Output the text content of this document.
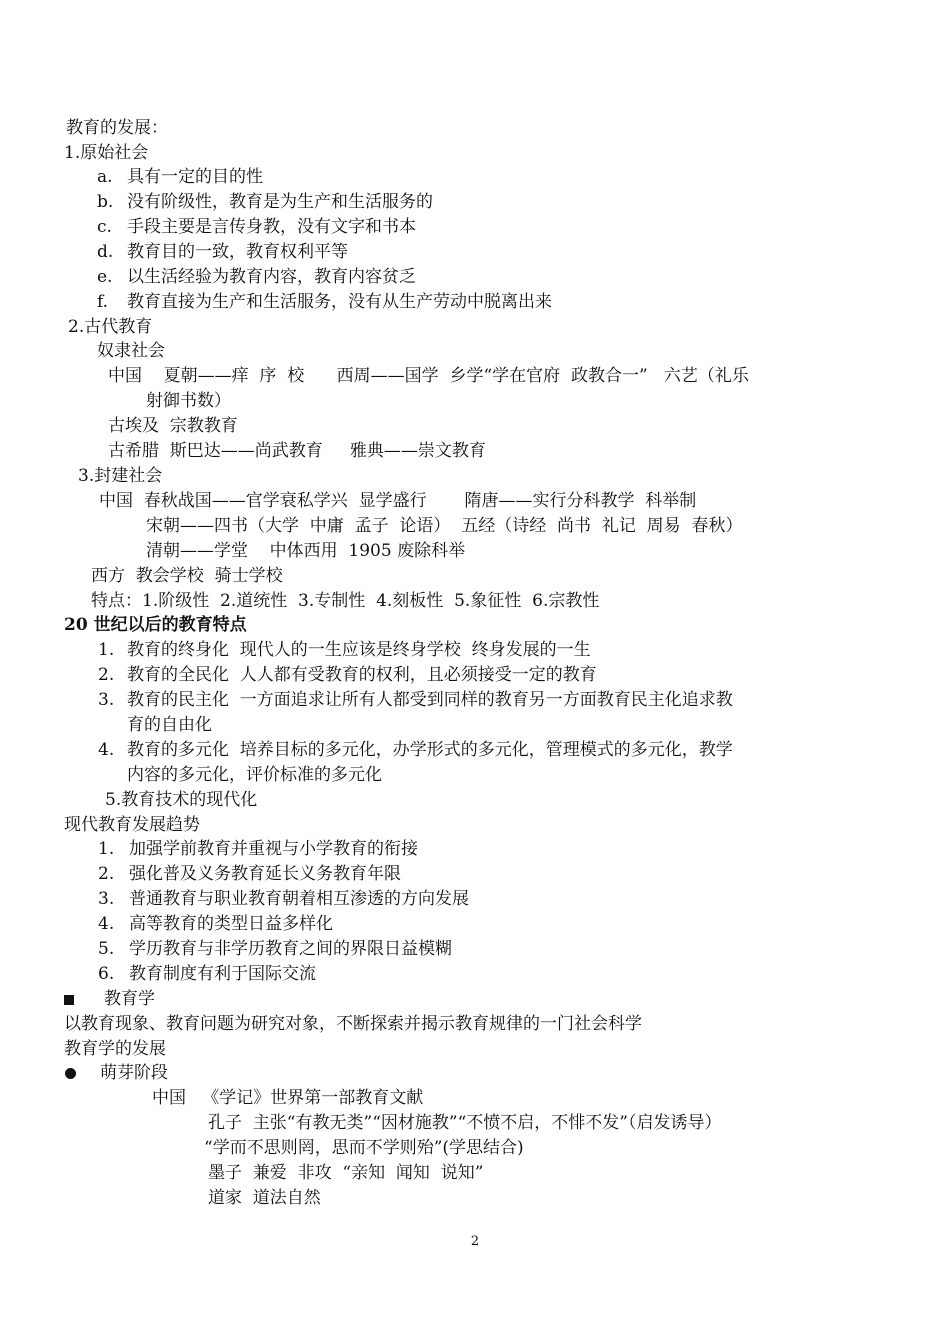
教育的发展：
1.原始社会
a. 具有一定的目的性
b. 没有阶级性，教育是为生产和生活服务的
c. 手段主要是言传身教，没有文字和书本
d. 教育目的一致，教育权利平等
e. 以生活经验为教育内容，教育内容贫乏
f. 教育直接为生产和生活服务，没有从生产劳动中脱离出来
2.古代教育
奴隶社会
中国    夏朝——痒  序  校      西周——国学  乡学“学在官府  政教合一”   六艺（礼乐
射御书数）
古埃及  宗教教育
古希腊  斯巴达——尚武教育     雅典——崇文教育
3.封建社会
中国  春秋战国——官学衰私学兴  显学盛行       隋唐——实行分科教学  科举制
宋朝——四书（大学  中庸  孟子  论语）  五经（诗经  尚书  礼记  周易  春秋）
清朝——学堂    中体西用  1905 废除科举
西方  教会学校  骑士学校
特点：1.阶级性  2.道统性  3.专制性  4.刻板性  5.象征性  6.宗教性
20 世纪以后的教育特点
1. 教育的终身化  现代人的一生应该是终身学校  终身发展的一生
2. 教育的全民化  人人都有受教育的权利，且必须接受一定的教育
3. 教育的民主化  一方面追求让所有人都受到同样的教育另一方面教育民主化追求教
育的自由化
4. 教育的多元化  培养目标的多元化，办学形式的多元化，管理模式的多元化，教学
内容的多元化，评价标准的多元化
5.教育技术的现代化
现代教育发展趋势
1. 加强学前教育并重视与小学教育的衔接
2. 强化普及义务教育延长义务教育年限
3. 普通教育与职业教育朝着相互渗透的方向发展
4. 高等教育的类型日益多样化
5. 学历教育与非学历教育之间的界限日益模糊
6. 教育制度有利于国际交流
教育学
以教育现象、教育问题为研究对象，不断探索并揭示教育规律的一门社会科学
教育学的发展
萌芽阶段
中国   《学记》世界第一部教育文献
孔子  主张“有教无类”“因材施教”“不愤不启，不悱不发”（启发诱导）
“学而不思则罔，思而不学则殆”(学思结合)
墨子  兼爱  非攻  “亲知  闻知  说知”
道家  道法自然
2
